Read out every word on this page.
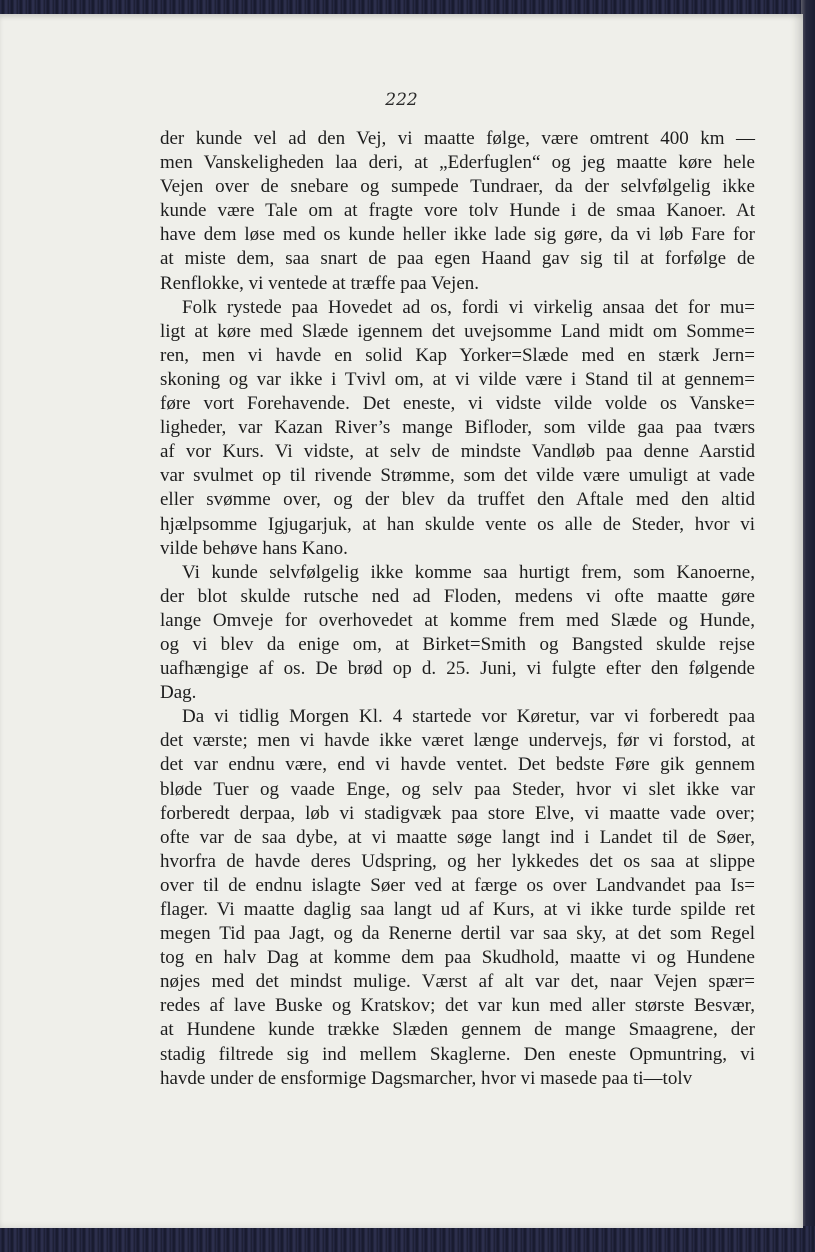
222
der kunde vel ad den Vej, vi maatte følge, være omtrent 400 km —
men Vanskeligheden laa deri, at „Ederfuglen“ og jeg maatte køre hele
Vejen over de snebare og sumpede Tundraer, da der selvfølgelig ikke
kunde være Tale om at fragte vore tolv Hunde i de smaa Kanoer. At
have dem løse med os kunde heller ikke lade sig gøre, da vi løb Fare for
at miste dem, saa snart de paa egen Haand gav sig til at forfølge de
Renflokke, vi ventede at træffe paa Vejen.
Folk rystede paa Hovedet ad os, fordi vi virkelig ansaa det for mu=
ligt at køre med Slæde igennem det uvejsomme Land midt om Somme=
ren, men vi havde en solid Kap Yorker=Slæde med en stærk Jern=
skoning og var ikke i Tvivl om, at vi vilde være i Stand til at gennem=
føre vort Forehavende. Det eneste, vi vidste vilde volde os Vanske=
ligheder, var Kazan River’s mange Bifloder, som vilde gaa paa tværs
af vor Kurs. Vi vidste, at selv de mindste Vandløb paa denne Aarstid
var svulmet op til rivende Strømme, som det vilde være umuligt at vade
eller svømme over, og der blev da truffet den Aftale med den altid
hjælpsomme Igjugarjuk, at han skulde vente os alle de Steder, hvor vi
vilde behøve hans Kano.
Vi kunde selvfølgelig ikke komme saa hurtigt frem, som Kanoerne,
der blot skulde rutsche ned ad Floden, medens vi ofte maatte gøre
lange Omveje for overhovedet at komme frem med Slæde og Hunde,
og vi blev da enige om, at Birket=Smith og Bangsted skulde rejse
uafhængige af os. De brød op d. 25. Juni, vi fulgte efter den følgende
Dag.
Da vi tidlig Morgen Kl. 4 startede vor Køretur, var vi forberedt paa
det værste; men vi havde ikke været længe undervejs, før vi forstod, at
det var endnu være, end vi havde ventet. Det bedste Føre gik gennem
bløde Tuer og vaade Enge, og selv paa Steder, hvor vi slet ikke var
forberedt derpaa, løb vi stadigvæk paa store Elve, vi maatte vade over;
ofte var de saa dybe, at vi maatte søge langt ind i Landet til de Søer,
hvorfra de havde deres Udspring, og her lykkedes det os saa at slippe
over til de endnu islagte Søer ved at færge os over Landvandet paa Is=
flager. Vi maatte daglig saa langt ud af Kurs, at vi ikke turde spilde ret
megen Tid paa Jagt, og da Renerne dertil var saa sky, at det som Regel
tog en halv Dag at komme dem paa Skudhold, maatte vi og Hundene
nøjes med det mindst mulige. Værst af alt var det, naar Vejen spær=
redes af lave Buske og Kratskov; det var kun med aller største Besvær,
at Hundene kunde trække Slæden gennem de mange Smaagrene, der
stadig filtrede sig ind mellem Skaglerne. Den eneste Opmuntring, vi
havde under de ensformige Dagsmarcher, hvor vi masede paa ti—tolv
